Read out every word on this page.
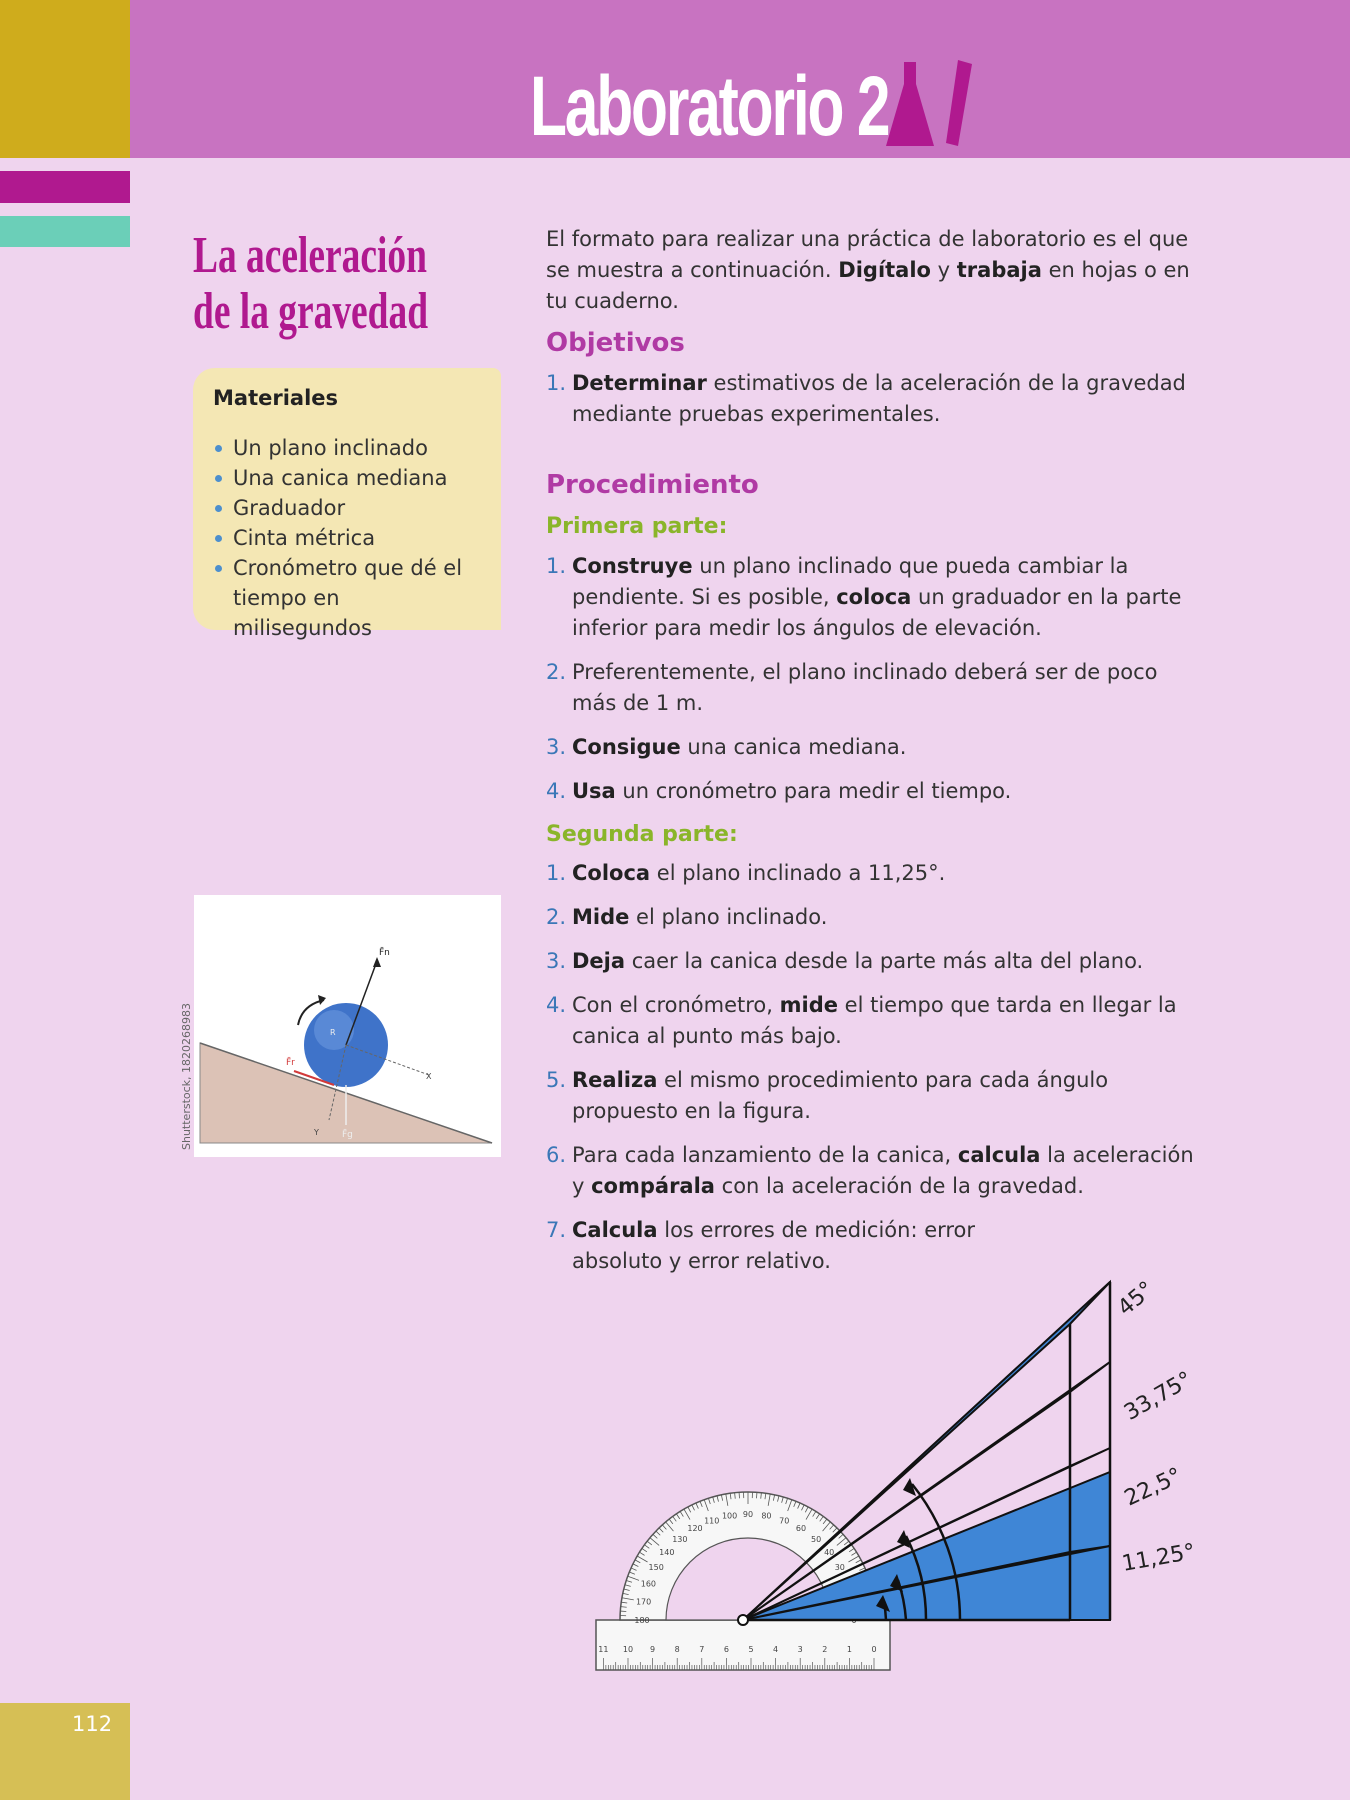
112
Laboratorio 2
La aceleración
de la gravedad
Materiales
Un plano inclinado
Una canica mediana
Graduador
Cinta métrica
Cronómetro que dé el tiempo en milisegundos
F̄n
F̄r
F̄g
R
X
Y
Shutterstock, 1820268983
El formato para realizar una práctica de laboratorio es el que se muestra a continuación. Digítalo y trabaja en hojas o en tu cuaderno.
Objetivos
1. Determinar estimativos de la aceleración de la gravedad mediante pruebas experimentales.
Procedimiento
Primera parte:
1. Construye un plano inclinado que pueda cambiar la pendiente. Si es posible, coloca un graduador en la parte inferior para medir los ángulos de elevación.
2. Preferentemente, el plano inclinado deberá ser de poco más de 1 m.
3. Consigue una canica mediana.
4. Usa un cronómetro para medir el tiempo.
Segunda parte:
1. Coloca el plano inclinado a 11,25°.
2. Mide el plano inclinado.
3. Deja caer la canica desde la parte más alta del plano.
4. Con el cronómetro, mide el tiempo que tarda en llegar la canica al punto más bajo.
5. Realiza el mismo procedimiento para cada ángulo propuesto en la figura.
6. Para cada lanzamiento de la canica, calcula la aceleración y compárala con la aceleración de la gravedad.
7. Calcula los errores de medición: error absoluto y error relativo.
0
1
2
3
4
5
6
7
8
9
10
11
30
40
50
60
70
80
90
100
110
120
130
140
150
160
170
180
45°
33,75°
22,5°
11,25°
